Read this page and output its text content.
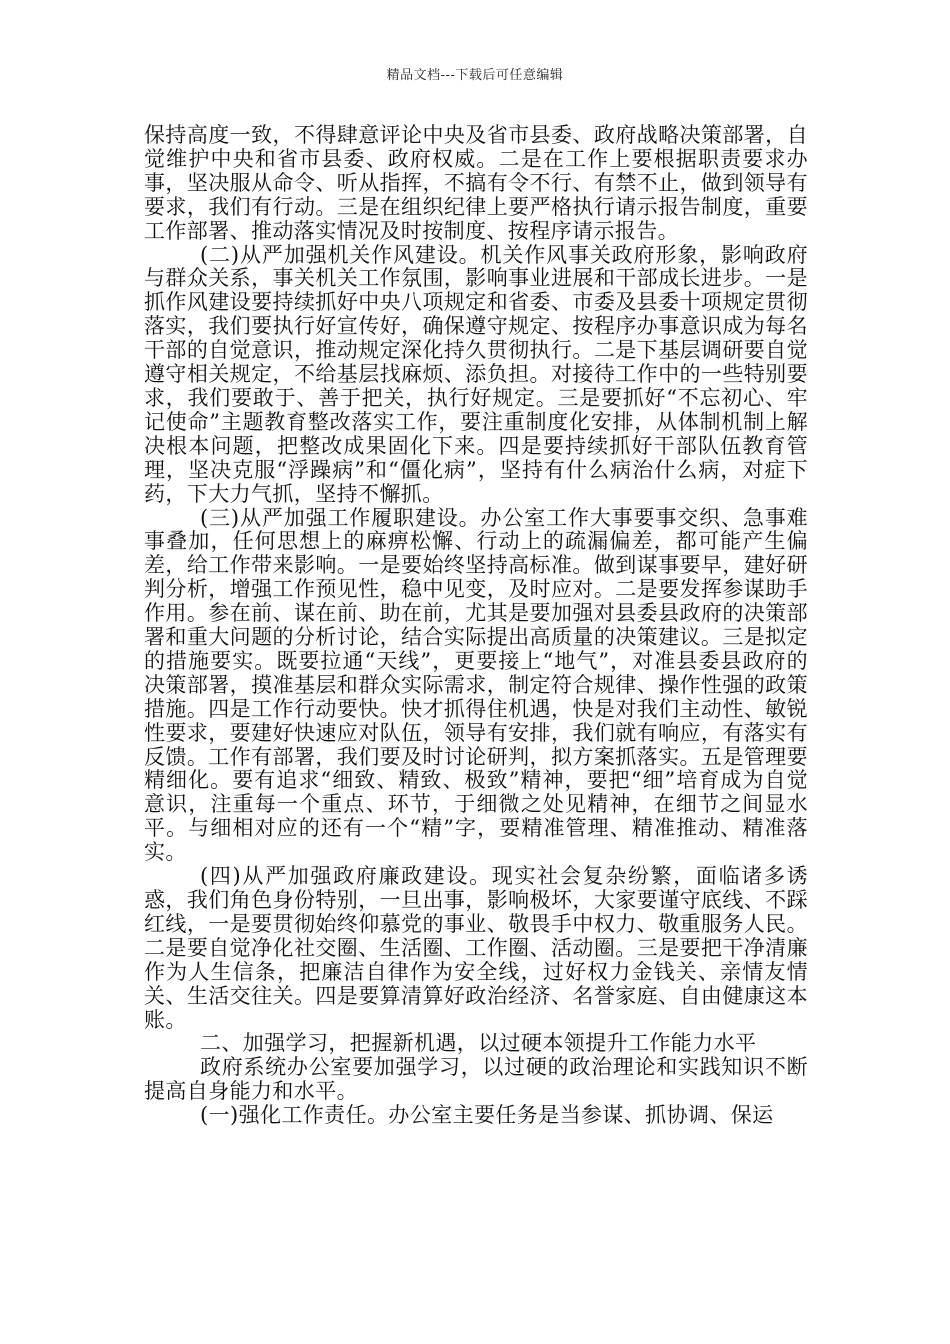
精品文档---下载后可任意编辑

保持高度一致，不得肆意评论中央及省市县委、政府战略决策部署，自觉维护中央和省市县委、政府权威。二是在工作上要根据职责要求办事，坚决服从命令、听从指挥，不搞有令不行、有禁不止，做到领导有要求，我们有行动。三是在组织纪律上要严格执行请示报告制度，重要工作部署、推动落实情况及时按制度、按程序请示报告。

(二)从严加强机关作风建设。机关作风事关政府形象，影响政府与群众关系，事关机关工作氛围，影响事业进展和干部成长进步。一是抓作风建设要持续抓好中央八项规定和省委、市委及县委十项规定贯彻落实，我们要执行好宣传好，确保遵守规定、按程序办事意识成为每名干部的自觉意识，推动规定深化持久贯彻执行。二是下基层调研要自觉遵守相关规定，不给基层找麻烦、添负担。对接待工作中的一些特别要求，我们要敢于、善于把关，执行好规定。三是要抓好“不忘初心、牢记使命”主题教育整改落实工作，要注重制度化安排，从体制机制上解决根本问题，把整改成果固化下来。四是要持续抓好干部队伍教育管理，坚决克服“浮躁病”和“僵化病”，坚持有什么病治什么病，对症下药，下大力气抓，坚持不懈抓。

(三)从严加强工作履职建设。办公室工作大事要事交织、急事难事叠加，任何思想上的麻痹松懈、行动上的疏漏偏差，都可能产生偏差，给工作带来影响。一是要始终坚持高标准。做到谋事要早，建好研判分析，增强工作预见性，稳中见变，及时应对。二是要发挥参谋助手作用。参在前、谋在前、助在前，尤其是要加强对县委县政府的决策部署和重大问题的分析讨论，结合实际提出高质量的决策建议。三是拟定的措施要实。既要拉通“天线”，更要接上“地气”，对准县委县政府的决策部署，摸准基层和群众实际需求，制定符合规律、操作性强的政策措施。四是工作行动要快。快才抓得住机遇，快是对我们主动性、敏锐性要求，要建好快速应对队伍，领导有安排，我们就有响应，有落实有反馈。工作有部署，我们要及时讨论研判，拟方案抓落实。五是管理要精细化。要有追求“细致、精致、极致”精神，要把“细”培育成为自觉意识，注重每一个重点、环节，于细微之处见精神，在细节之间显水平。与细相对应的还有一个“精”字，要精准管理、精准推动、精准落实。

(四)从严加强政府廉政建设。现实社会复杂纷繁，面临诸多诱惑，我们角色身份特别，一旦出事，影响极坏，大家要谨守底线、不踩红线，一是要贯彻始终仰慕党的事业、敬畏手中权力、敬重服务人民。二是要自觉净化社交圈、生活圈、工作圈、活动圈。三是要把干净清廉作为人生信条，把廉洁自律作为安全线，过好权力金钱关、亲情友情关、生活交往关。四是要算清算好政治经济、名誉家庭、自由健康这本账。

二、加强学习，把握新机遇，以过硬本领提升工作能力水平

政府系统办公室要加强学习，以过硬的政治理论和实践知识不断提高自身能力和水平。

(一)强化工作责任。办公室主要任务是当参谋、抓协调、保运
